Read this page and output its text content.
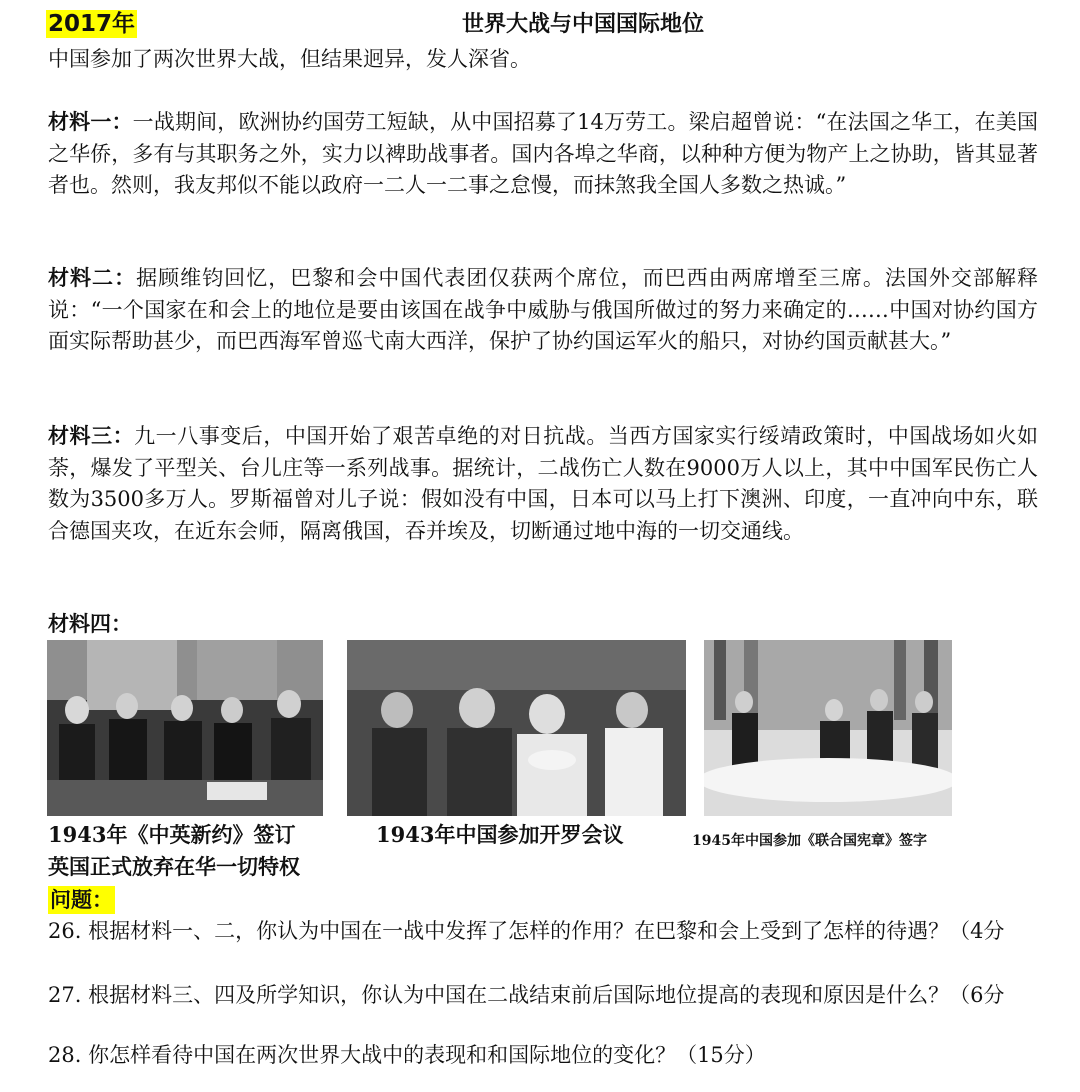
2017年	世界大战与中国国际地位
中国参加了两次世界大战，但结果迥异，发人深省。
材料一：一战期间，欧洲协约国劳工短缺，从中国招募了14万劳工。梁启超曾说：“在法国之华工，在美国之华侨，多有与其职务之外，实力以裨助战事者。国内各埠之华商，以种种方便为物产上之协助，皆其显著者也。然则，我友邦似不能以政府一二人一二事之怠慢，而抹煞我全国人多数之热诚。”
材料二：据顾维钧回忆，巴黎和会中国代表团仅获两个席位，而巴西由两席增至三席。法国外交部解释说：“一个国家在和会上的地位是要由该国在战争中威胁与俄国所做过的努力来确定的……中国对协约国方面实际帮助甚少，而巴西海军曾巡弋南大西洋，保护了协约国运军火的船只，对协约国贡献甚大。”
材料三：九一八事变后，中国开始了艰苦卓绝的对日抗战。当西方国家实行绥靖政策时，中国战场如火如荼，爆发了平型关、台儿庄等一系列战事。据统计，二战伤亡人数在9000万人以上，其中中国军民伤亡人数为3500多万人。罗斯福曾对儿子说：假如没有中国，日本可以马上打下澳洲、印度，一直冲向中东，联合德国夹攻，在近东会师，隔离俄国，吞并埃及，切断通过地中海的一切交通线。
材料四：
1943年《中英新约》签订
英国正式放弃在华一切特权
1943年中国参加开罗会议	1945年中国参加《联合国宪章》签字
问题：
26. 根据材料一、二，你认为中国在一战中发挥了怎样的作用？在巴黎和会上受到了怎样的待遇？（4分
27. 根据材料三、四及所学知识，你认为中国在二战结束前后国际地位提高的表现和原因是什么？（6分
28. 你怎样看待中国在两次世界大战中的表现和和国际地位的变化？（15分）
